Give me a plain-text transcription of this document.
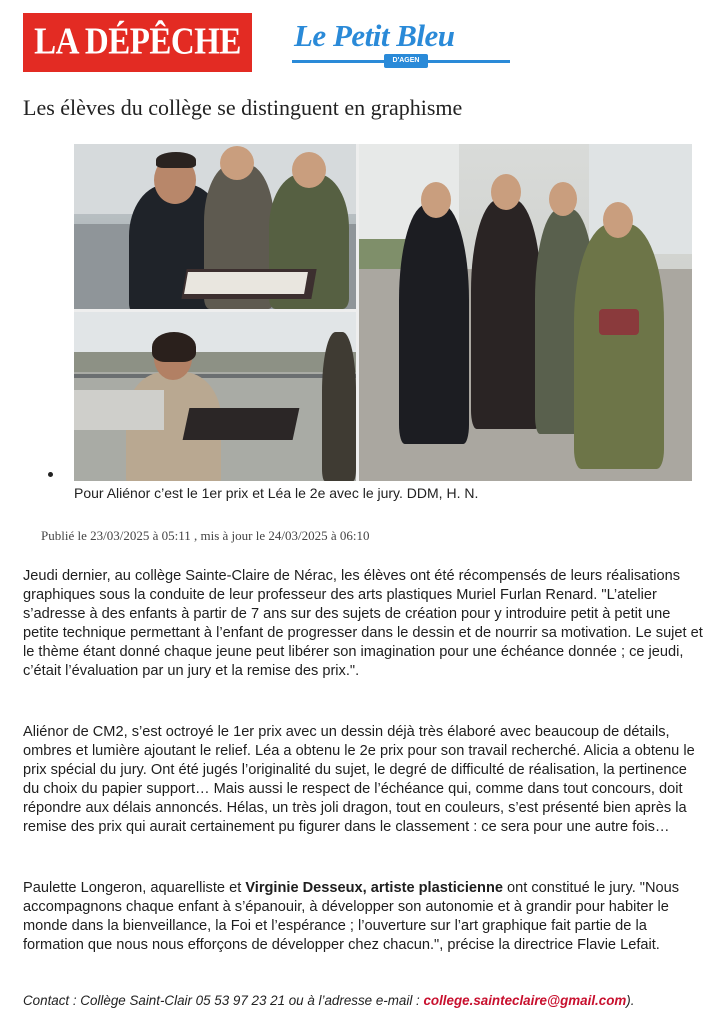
LA DÉPÊCHE Le Petit Bleu
D'AGEN
Les élèves du collège se distinguent en graphisme
Pour Aliénor c’est le 1er prix et Léa le 2e avec le jury. DDM, H. N.
Publié le 23/03/2025 à 05:11 , mis à jour le 24/03/2025 à 06:10

Jeudi dernier, au collège Sainte-Claire de Nérac, les élèves ont été récompensés de leurs réalisations graphiques sous la conduite de leur professeur des arts plastiques Muriel Furlan Renard. "L’atelier s’adresse à des enfants à partir de 7 ans sur des sujets de création pour y introduire petit à petit une petite technique permettant à l’enfant de progresser dans le dessin et de nourrir sa motivation. Le sujet et le thème étant donné chaque jeune peut libérer son imagination pour une échéance donnée ; ce jeudi, c’était l’évaluation par un jury et la remise des prix.".

Aliénor de CM2, s’est octroyé le 1er prix avec un dessin déjà très élaboré avec beaucoup de détails, ombres et lumière ajoutant le relief. Léa a obtenu le 2e prix pour son travail recherché. Alicia a obtenu le prix spécial du jury. Ont été jugés l’originalité du sujet, le degré de difficulté de réalisation, la pertinence du choix du papier support… Mais aussi le respect de l’échéance qui, comme dans tout concours, doit répondre aux délais annoncés. Hélas, un très joli dragon, tout en couleurs, s’est présenté bien après la remise des prix qui aurait certainement pu figurer dans le classement : ce sera pour une autre fois…

Paulette Longeron, aquarelliste et Virginie Desseux, artiste plasticienne ont constitué le jury. "Nous accompagnons chaque enfant à s’épanouir, à développer son autonomie et à grandir pour habiter le monde dans la bienveillance, la Foi et l’espérance ; l’ouverture sur l’art graphique fait partie de la formation que nous nous efforçons de développer chez chacun.", précise la directrice Flavie Lefait.

Contact : Collège Saint-Clair 05 53 97 23 21 ou à l’adresse e-mail : college.sainteclaire@gmail.com).
